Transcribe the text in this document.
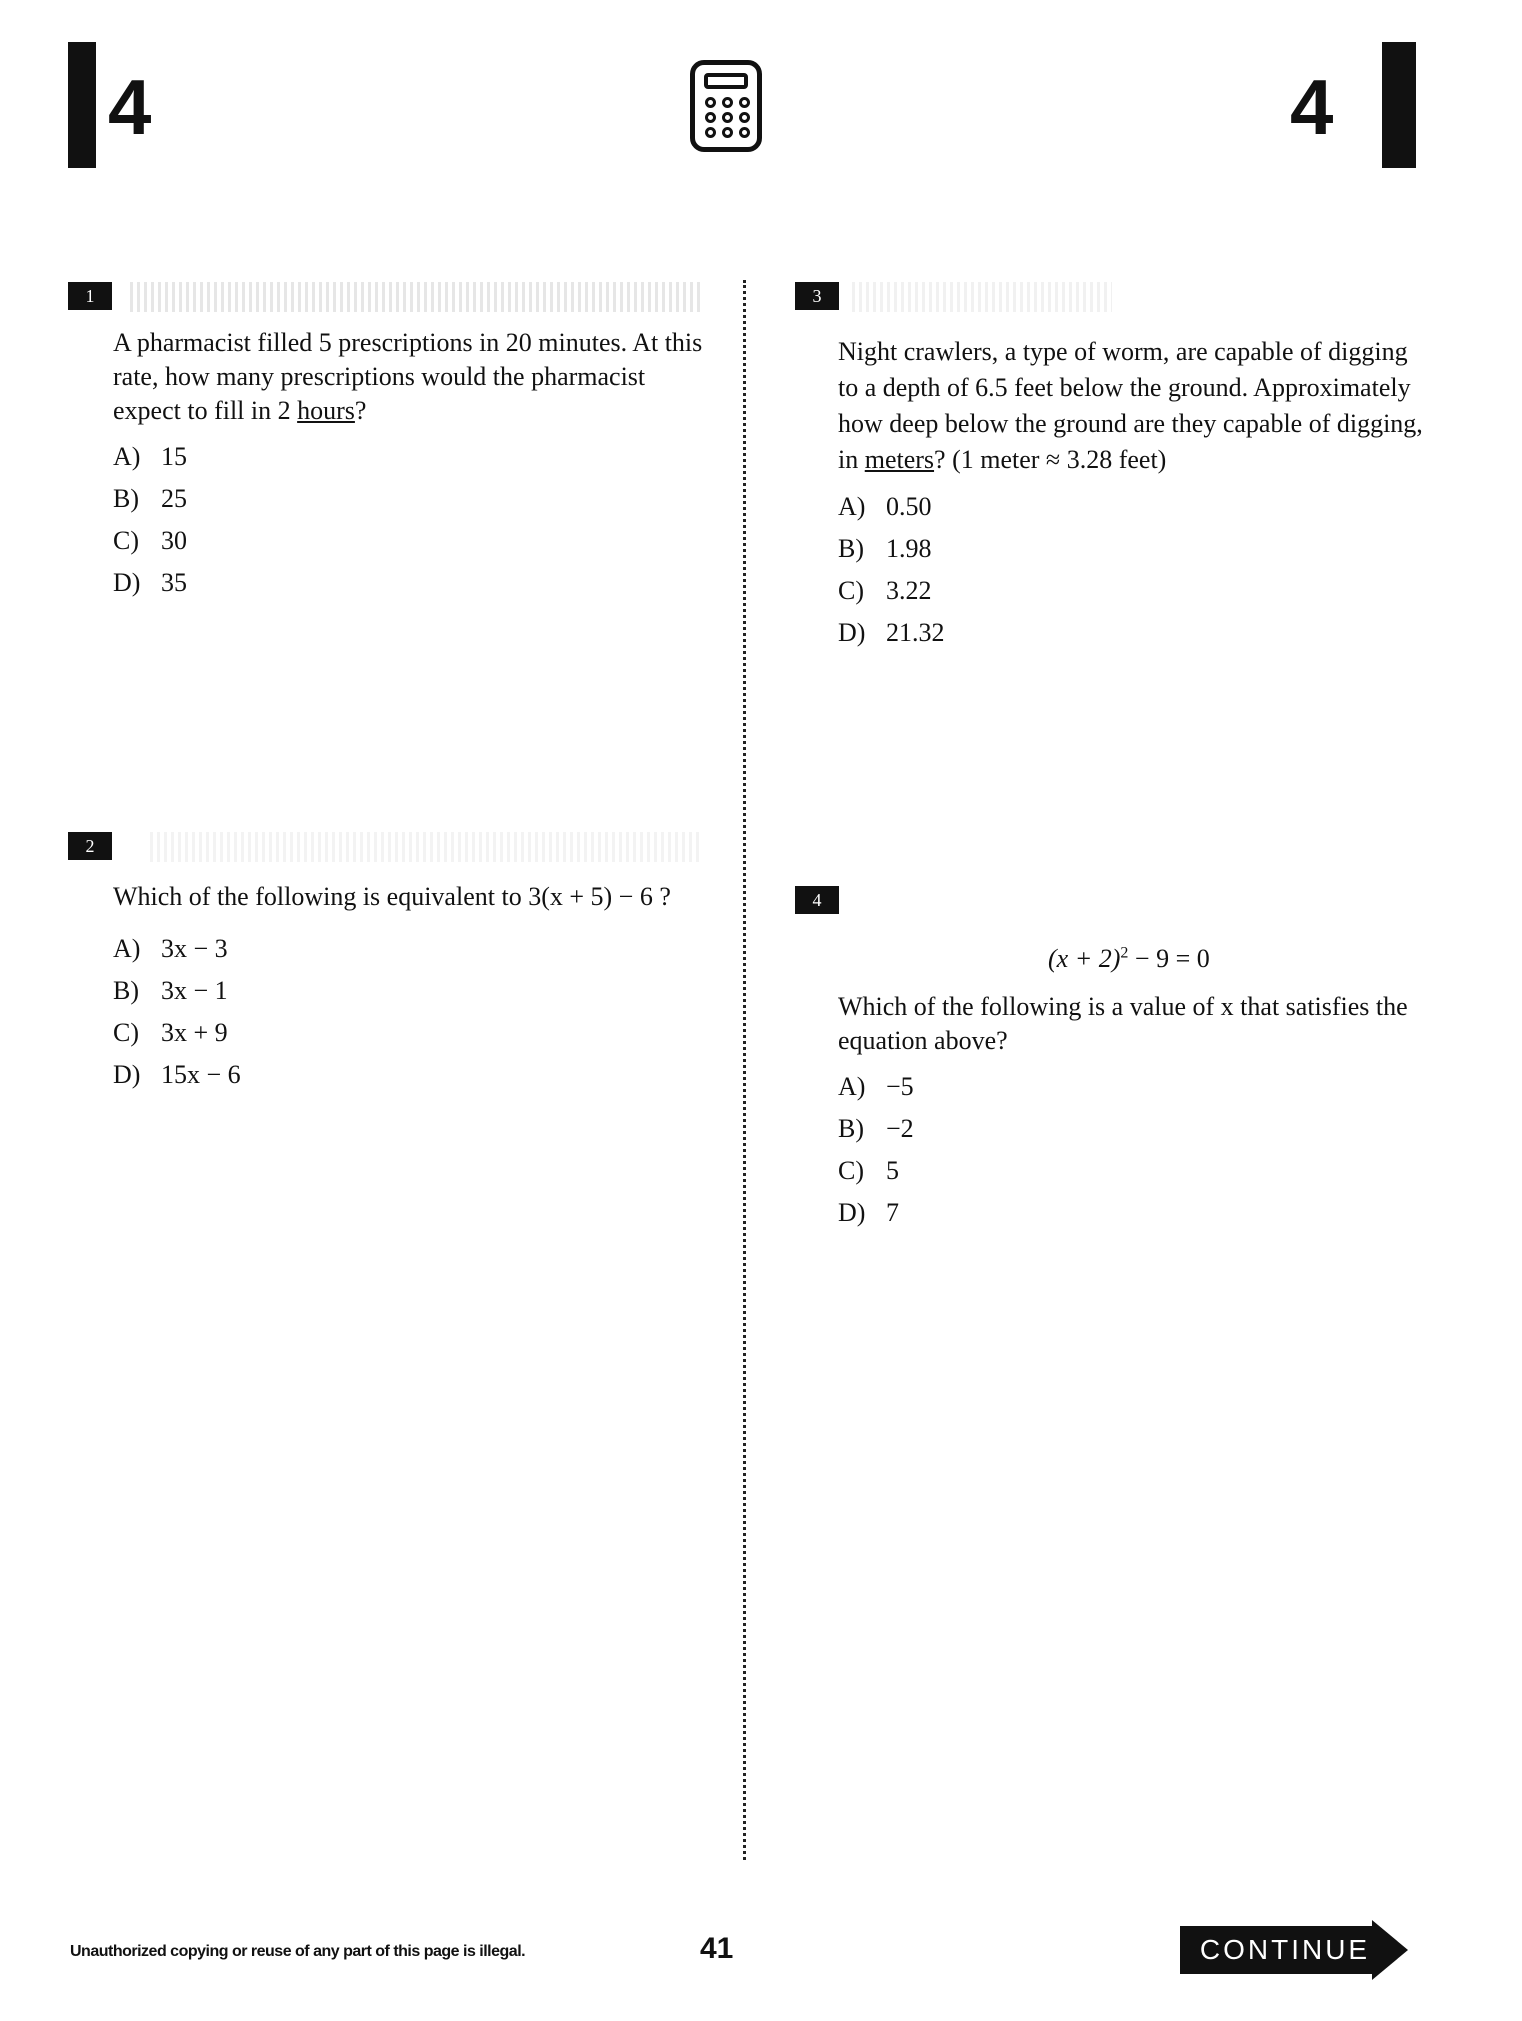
4	4
1
A pharmacist filled 5 prescriptions in 20 minutes. At this rate, how many prescriptions would the pharmacist expect to fill in 2 hours?
A) 15
B) 25
C) 30
D) 35
2
Which of the following is equivalent to 3(x + 5) − 6 ?
A) 3x − 3
B) 3x − 1
C) 3x + 9
D) 15x − 6
3
Night crawlers, a type of worm, are capable of digging to a depth of 6.5 feet below the ground. Approximately how deep below the ground are they capable of digging, in meters? (1 meter ≈ 3.28 feet)
A) 0.50
B) 1.98
C) 3.22
D) 21.32
4
$(x + 2)^2 - 9 = 0$
Which of the following is a value of x that satisfies the equation above?
A) −5
B) −2
C) 5
D) 7
Unauthorized copying or reuse of any part of this page is illegal.	41	CONTINUE
